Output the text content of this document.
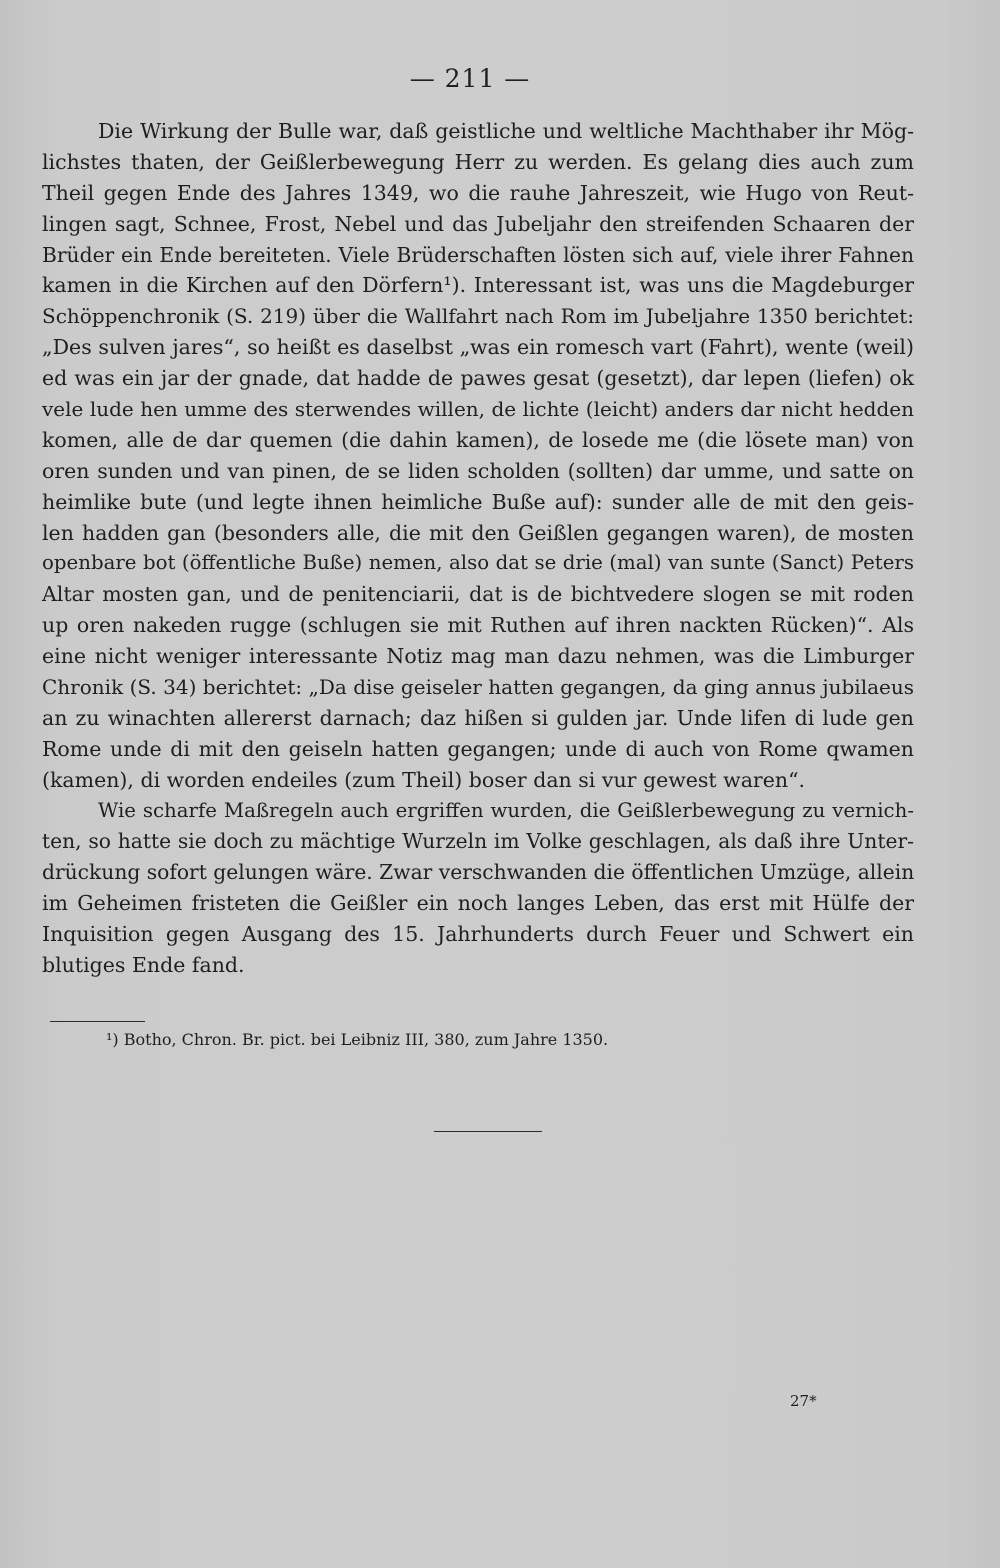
— 211 —
Die Wirkung der Bulle war, daß geistliche und weltliche Machthaber ihr Mög-
lichstes thaten, der Geißlerbewegung Herr zu werden. Es gelang dies auch zum
Theil gegen Ende des Jahres 1349, wo die rauhe Jahreszeit, wie Hugo von Reut-
lingen sagt, Schnee, Frost, Nebel und das Jubeljahr den streifenden Schaaren der
Brüder ein Ende bereiteten. Viele Brüderschaften lösten sich auf, viele ihrer Fahnen
kamen in die Kirchen auf den Dörfern¹). Interessant ist, was uns die Magdeburger
Schöppenchronik (S. 219) über die Wallfahrt nach Rom im Jubeljahre 1350 berichtet:
„Des sulven jares“, so heißt es daselbst „was ein romesch vart (Fahrt), wente (weil)
ed was ein jar der gnade, dat hadde de pawes gesat (gesetzt), dar lepen (liefen) ok
vele lude hen umme des sterwendes willen, de lichte (leicht) anders dar nicht hedden
komen, alle de dar quemen (die dahin kamen), de losede me (die lösete man) von
oren sunden und van pinen, de se liden scholden (sollten) dar umme, und satte on
heimlike bute (und legte ihnen heimliche Buße auf): sunder alle de mit den geis-
len hadden gan (besonders alle, die mit den Geißlen gegangen waren), de mosten
openbare bot (öffentliche Buße) nemen, also dat se drie (mal) van sunte (Sanct) Peters
Altar mosten gan, und de penitenciarii, dat is de bichtvedere slogen se mit roden
up oren nakeden rugge (schlugen sie mit Ruthen auf ihren nackten Rücken)“. Als
eine nicht weniger interessante Notiz mag man dazu nehmen, was die Limburger
Chronik (S. 34) berichtet: „Da dise geiseler hatten gegangen, da ging annus jubilaeus
an zu winachten allererst darnach; daz hißen si gulden jar. Unde lifen di lude gen
Rome unde di mit den geiseln hatten gegangen; unde di auch von Rome qwamen
(kamen), di worden endeiles (zum Theil) boser dan si vur gewest waren“.
Wie scharfe Maßregeln auch ergriffen wurden, die Geißlerbewegung zu vernich-
ten, so hatte sie doch zu mächtige Wurzeln im Volke geschlagen, als daß ihre Unter-
drückung sofort gelungen wäre. Zwar verschwanden die öffentlichen Umzüge, allein
im Geheimen fristeten die Geißler ein noch langes Leben, das erst mit Hülfe der
Inquisition gegen Ausgang des 15. Jahrhunderts durch Feuer und Schwert ein
blutiges Ende fand.
¹) Botho, Chron. Br. pict. bei Leibniz III, 380, zum Jahre 1350.
27*
